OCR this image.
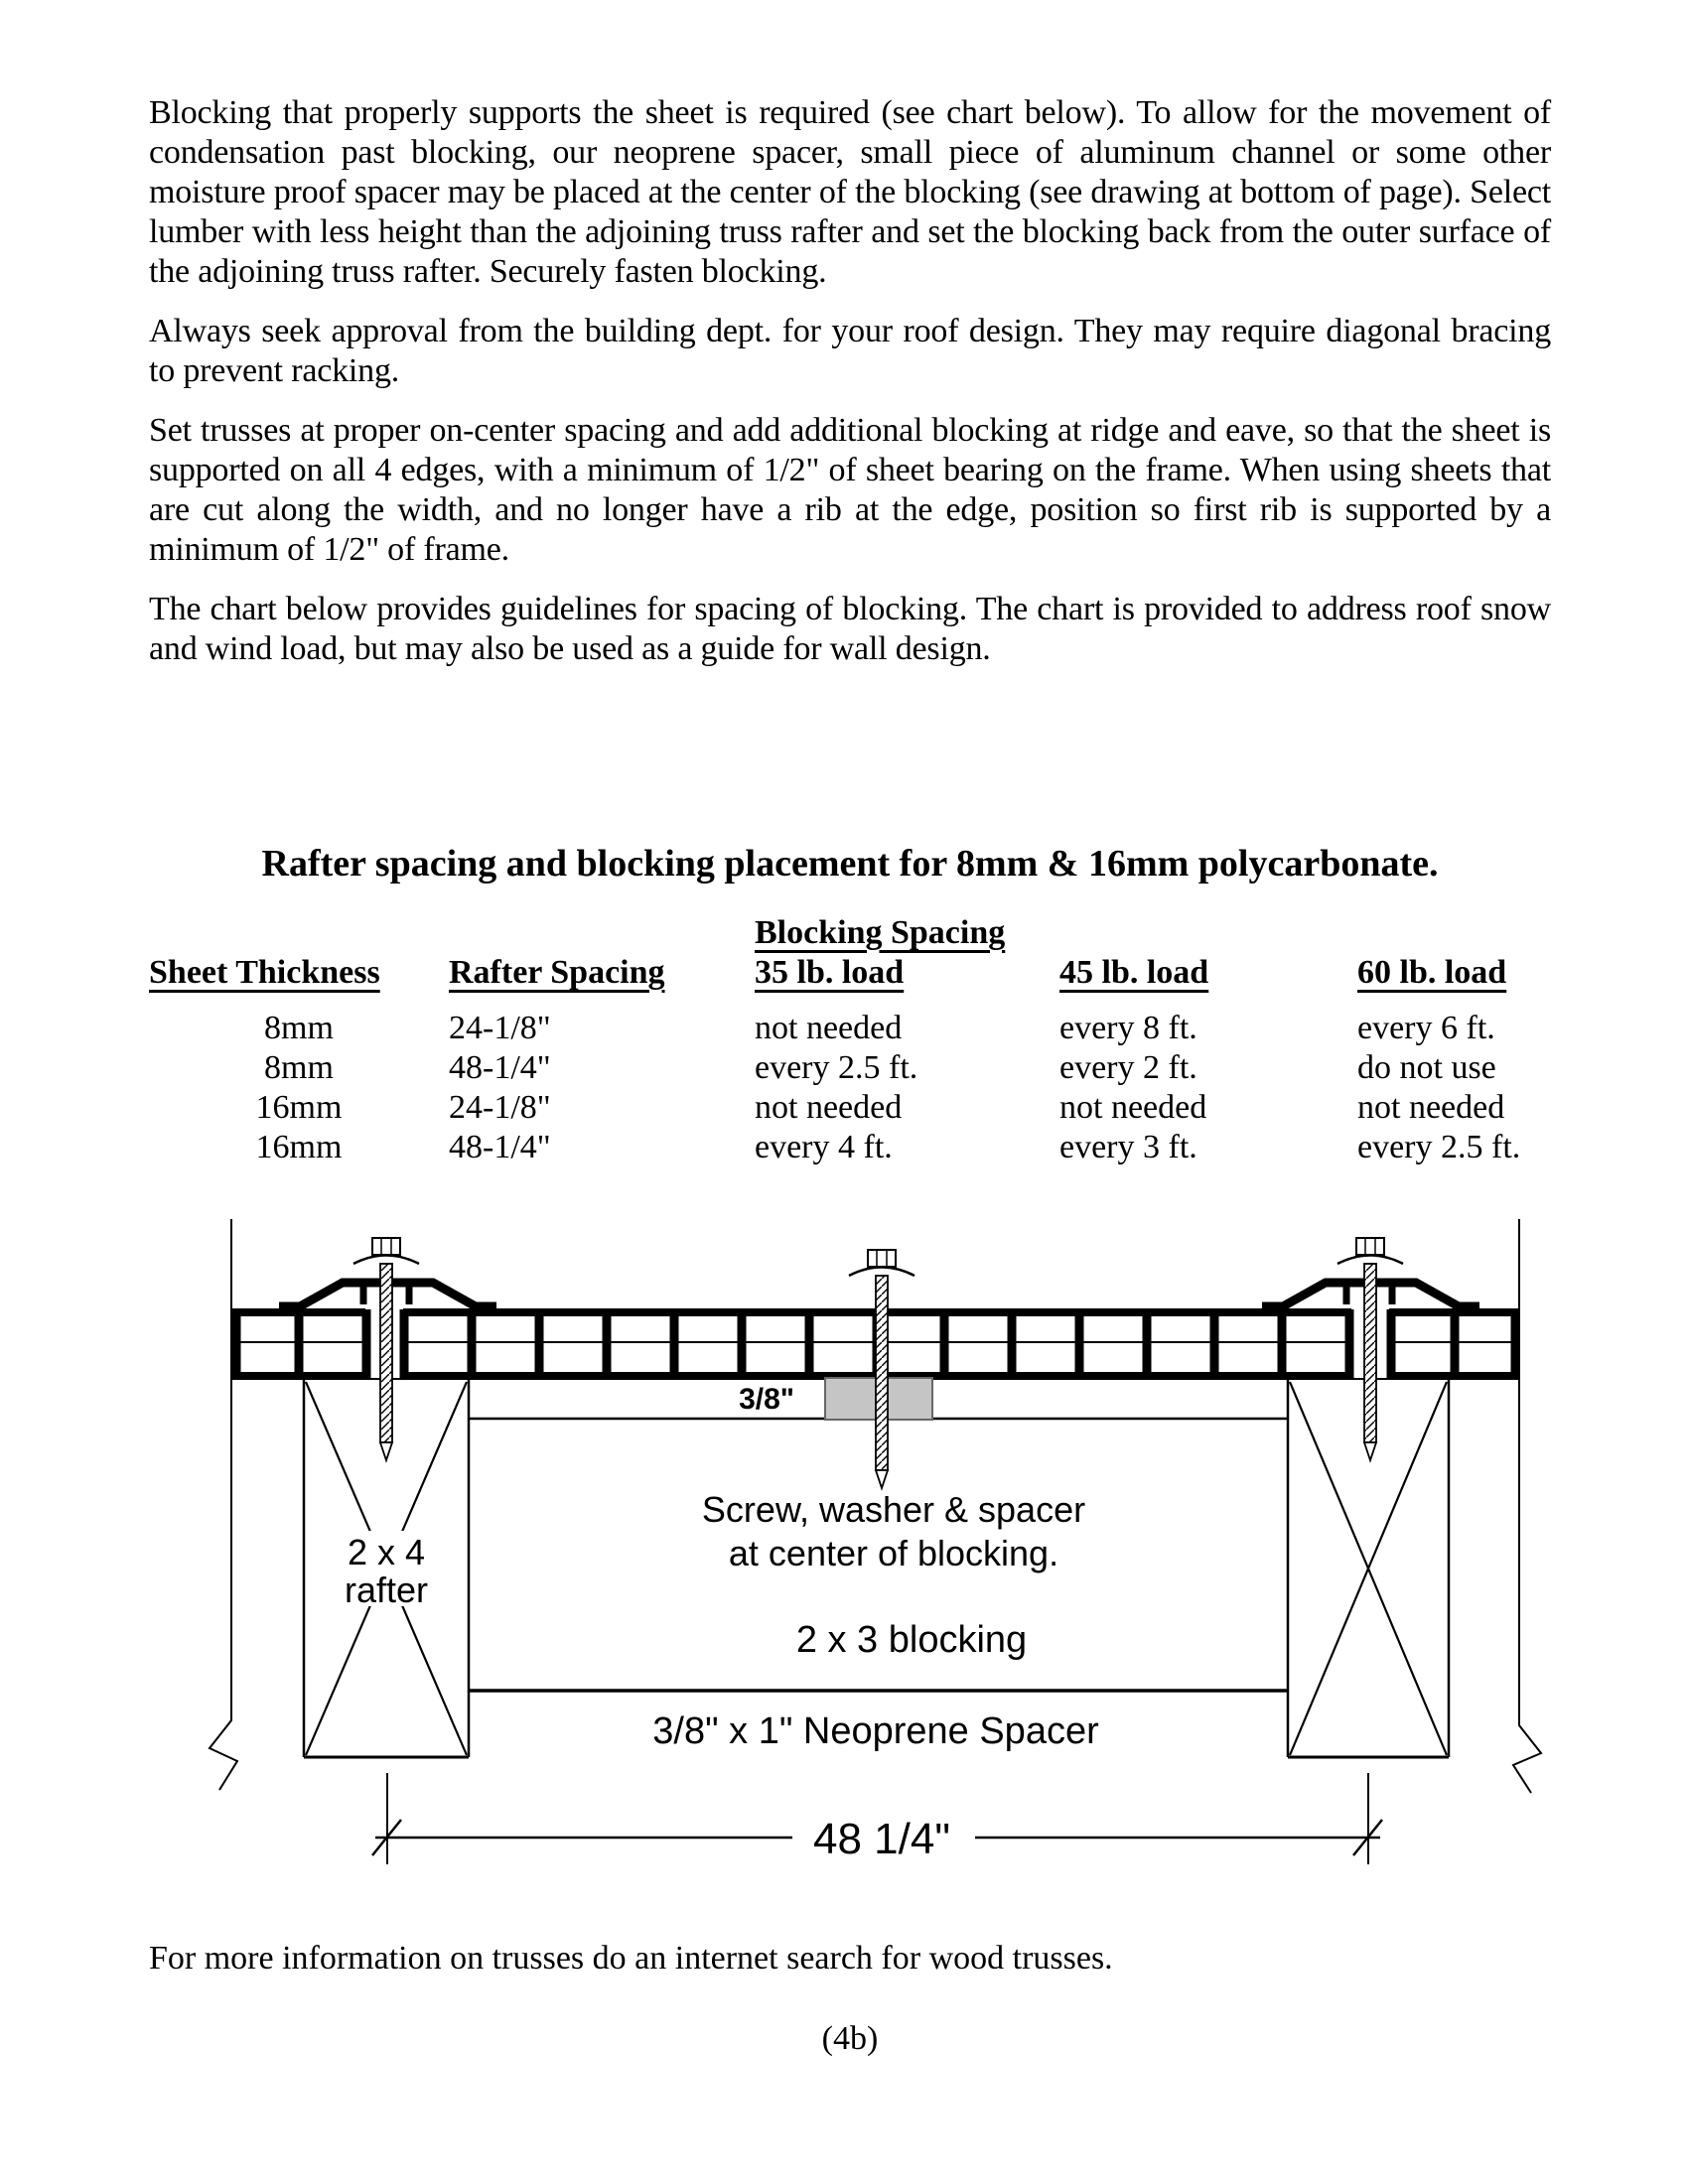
Blocking that properly supports the sheet is required (see chart below). To allow for the movement of condensation past blocking, our neoprene spacer, small piece of aluminum channel or some other moisture proof spacer may be placed at the center of the blocking (see drawing at bottom of page). Select lumber with less height than the adjoining truss rafter and set the blocking back from the outer surface of the adjoining truss rafter. Securely fasten blocking.

Always seek approval from the building dept. for your roof design. They may require diagonal bracing to prevent racking.

Set trusses at proper on-center spacing and add additional blocking at ridge and eave, so that the sheet is supported on all 4 edges, with a minimum of 1/2" of sheet bearing on the frame. When using sheets that are cut along the width, and no longer have a rib at the edge, position so first rib is supported by a minimum of 1/2" of frame.

The chart below provides guidelines for spacing of blocking. The chart is provided to address roof snow and wind load, but may also be used as a guide for wall design.

Rafter spacing and blocking placement for 8mm & 16mm polycarbonate.
Blocking Spacing
Sheet Thickness	Rafter Spacing	35 lb. load	45 lb. load	60 lb. load
8mm	24-1/8"	not needed	every 8 ft.	every 6 ft.
8mm	48-1/4"	every 2.5 ft.	every 2 ft.	do not use
16mm	24-1/8"	not needed	not needed	not needed
16mm	48-1/4"	every 4 ft.	every 3 ft.	every 2.5 ft.
3/8"
Screw, washer & spacer
at center of blocking.
2 x 3 blocking
2 x 4
rafter
3/8" x 1" Neoprene Spacer
48 1/4"
For more information on trusses do an internet search for wood trusses.
(4b)
